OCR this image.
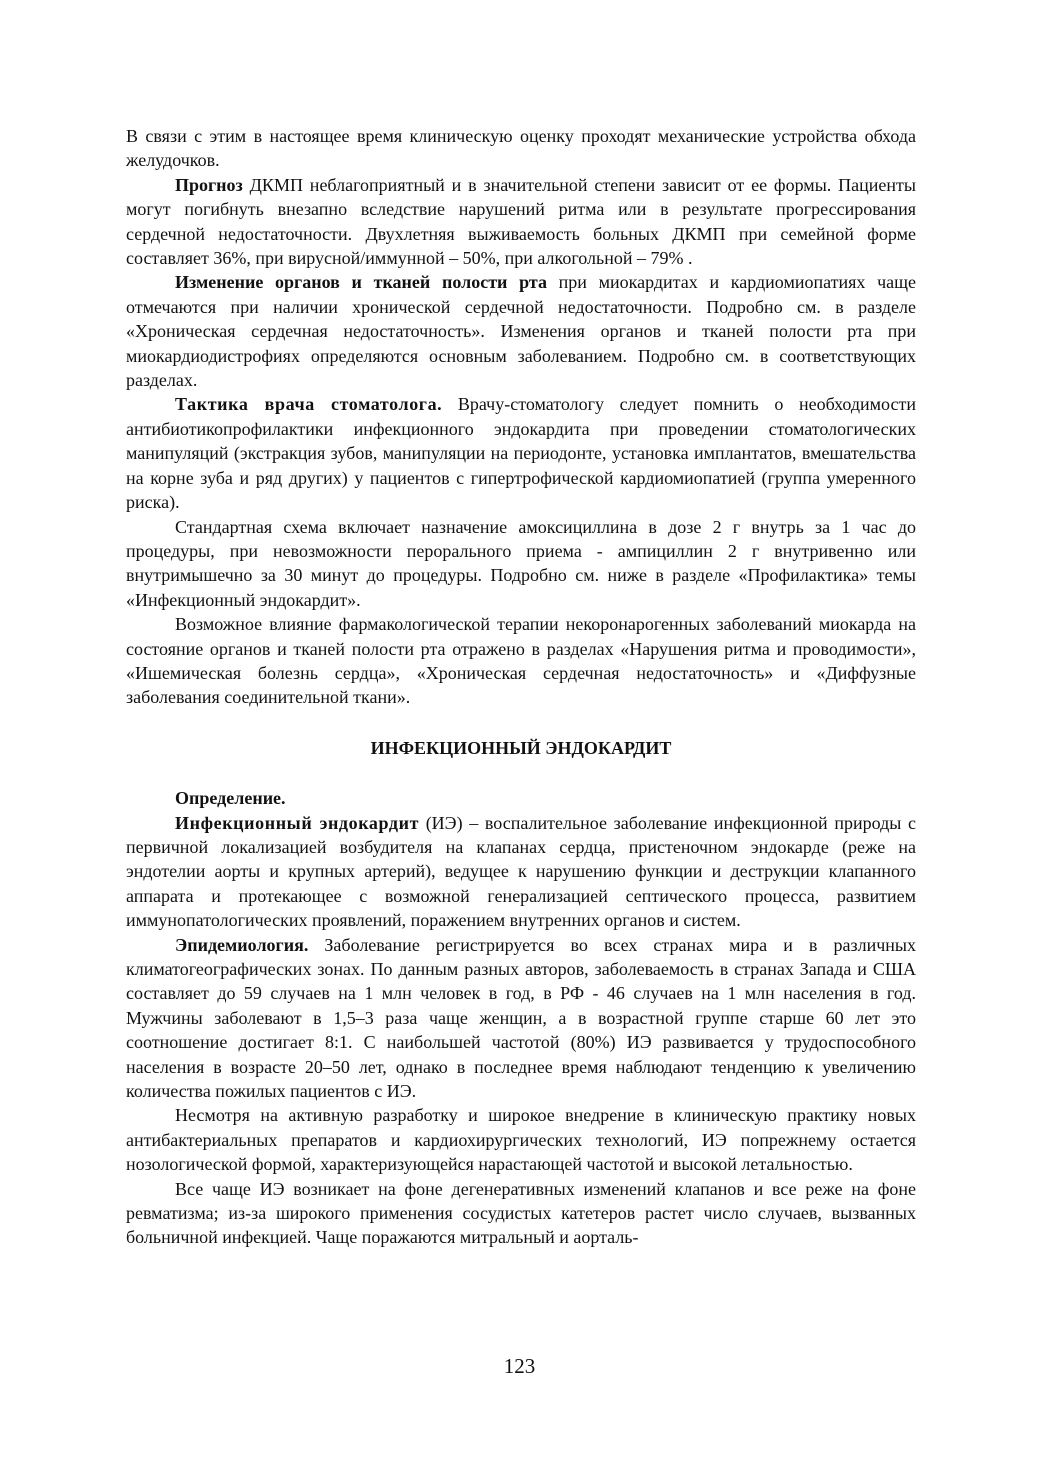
В связи с этим в настоящее время клиническую оценку проходят механические устройства обхода желудочков.

Прогноз ДКМП неблагоприятный и в значительной степени зависит от ее формы. Пациенты могут погибнуть внезапно вследствие нарушений ритма или в результате прогрессирования сердечной недостаточности. Двухлетняя выживаемость больных ДКМП при семейной форме составляет 36%, при вирусной/иммунной – 50%, при алкогольной – 79% .

Изменение органов и тканей полости рта при миокардитах и кардиомиопатиях чаще отмечаются при наличии хронической сердечной недостаточности. Подробно см. в разделе «Хроническая сердечная недостаточность». Изменения органов и тканей полости рта при миокардиодистрофиях определяются основным заболеванием. Подробно см. в соответствующих разделах.

Тактика врача стоматолога. Врачу-стоматологу следует помнить о необходимости антибиотикопрофилактики инфекционного эндокардита при проведении стоматологических манипуляций (экстракция зубов, манипуляции на периодонте, установка имплантатов, вмешательства на корне зуба и ряд других) у пациентов с гипертрофической кардиомиопатией (группа умеренного риска).

Стандартная схема включает назначение амоксициллина в дозе 2 г внутрь за 1 час до процедуры, при невозможности перорального приема - ампициллин 2 г внутривенно или внутримышечно за 30 минут до процедуры. Подробно см. ниже в разделе «Профилактика» темы «Инфекционный эндокардит».

Возможное влияние фармакологической терапии некоронарогенных заболеваний миокарда на состояние органов и тканей полости рта отражено в разделах «Нарушения ритма и проводимости», «Ишемическая болезнь сердца», «Хроническая сердечная недостаточность» и «Диффузные заболевания соединительной ткани».

ИНФЕКЦИОННЫЙ ЭНДОКАРДИТ

Определение.

Инфекционный эндокардит (ИЭ) – воспалительное заболевание инфекционной природы с первичной локализацией возбудителя на клапанах сердца, пристеночном эндокарде (реже на эндотелии аорты и крупных артерий), ведущее к нарушению функции и деструкции клапанного аппарата и протекающее с возможной генерализацией септического процесса, развитием иммунопатологических проявлений, поражением внутренних органов и систем.

Эпидемиология. Заболевание регистрируется во всех странах мира и в различных климатогеографических зонах. По данным разных авторов, заболеваемость в странах Запада и США составляет до 59 случаев на 1 млн человек в год, в РФ - 46 случаев на 1 млн населения в год. Мужчины заболевают в 1,5–3 раза чаще женщин, а в возрастной группе старше 60 лет это соотношение достигает 8:1. С наибольшей частотой (80%) ИЭ развивается у трудоспособного населения в возрасте 20–50 лет, однако в последнее время наблюдают тенденцию к увеличению количества пожилых пациентов с ИЭ.

Несмотря на активную разработку и широкое внедрение в клиническую практику новых антибактериальных препаратов и кардиохирургических технологий, ИЭ попрежнему остается нозологической формой, характеризующейся нарастающей частотой и высокой летальностью.

Все чаще ИЭ возникает на фоне дегенеративных изменений клапанов и все реже на фоне ревматизма; из-за широкого применения сосудистых катетеров растет число случаев, вызванных больничной инфекцией. Чаще поражаются митральный и аорталь-

123
